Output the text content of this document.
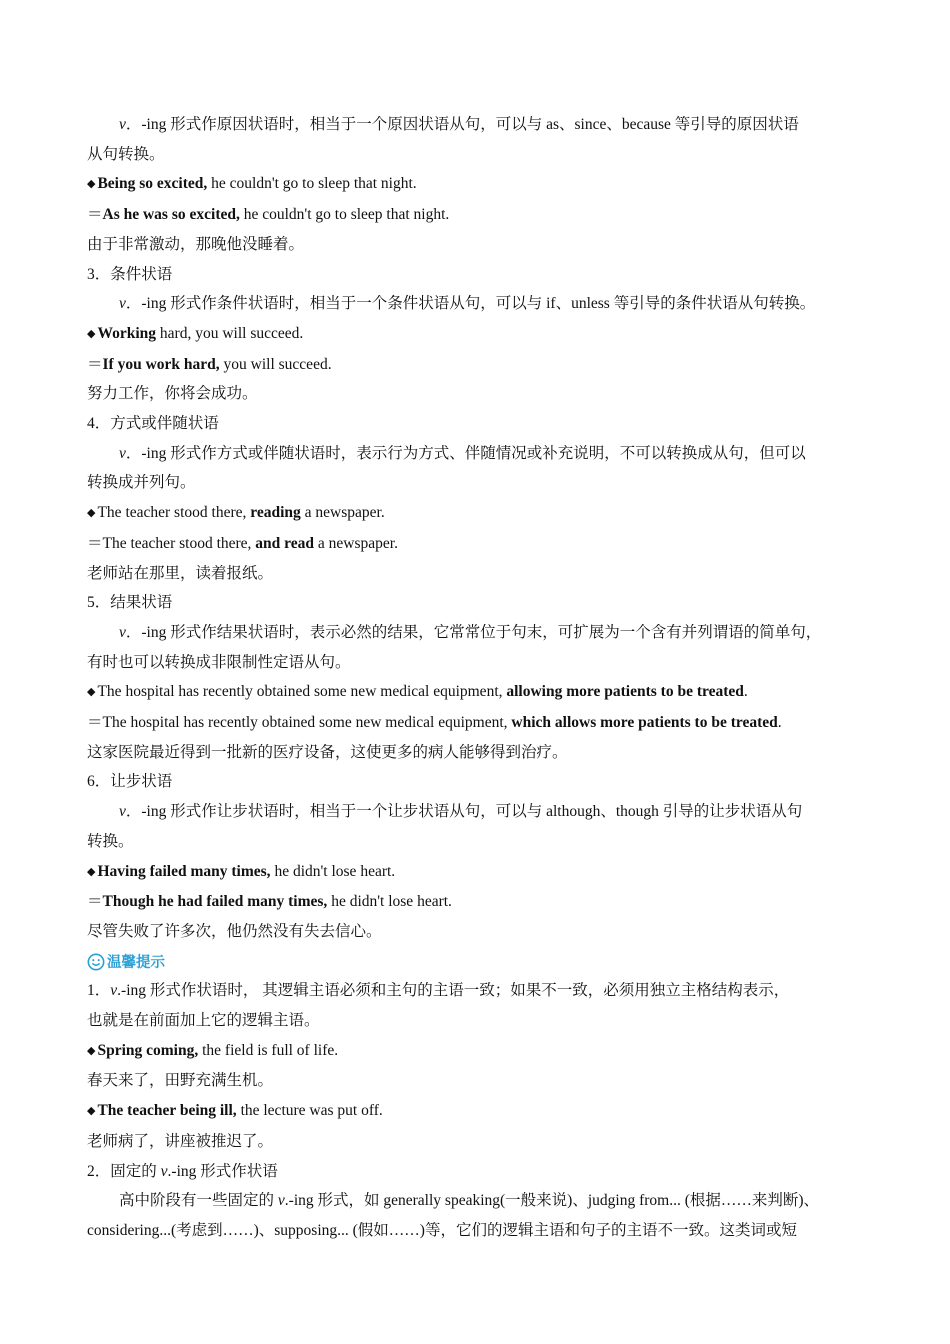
v．-ing 形式作原因状语时，相当于一个原因状语从句，可以与 as、since、because 等引导的原因状语
从句转换。
◆ Being so excited, he couldn't go to sleep that night.
＝As he was so excited, he couldn't go to sleep that night.
由于非常激动，那晚他没睡着。
3．条件状语
v．-ing 形式作条件状语时，相当于一个条件状语从句，可以与 if、unless 等引导的条件状语从句转换。
◆ Working hard, you will succeed.
＝If you work hard, you will succeed.
努力工作，你将会成功。
4．方式或伴随状语
v．-ing 形式作方式或伴随状语时，表示行为方式、伴随情况或补充说明，不可以转换成从句，但可以
转换成并列句。
◆ The teacher stood there, reading a newspaper.
＝The teacher stood there, and read a newspaper.
老师站在那里，读着报纸。
5．结果状语
v．-ing 形式作结果状语时，表示必然的结果，它常常位于句末，可扩展为一个含有并列谓语的简单句，
有时也可以转换成非限制性定语从句。
◆ The hospital has recently obtained some new medical equipment, allowing more patients to be treated.
＝The hospital has recently obtained some new medical equipment, which allows more patients to be treated.
这家医院最近得到一批新的医疗设备，这使更多的病人能够得到治疗。
6．让步状语
v．-ing 形式作让步状语时，相当于一个让步状语从句，可以与 although、though 引导的让步状语从句
转换。
◆ Having failed many times, he didn't lose heart.
＝Though he had failed many times, he didn't lose heart.
尽管失败了许多次，他仍然没有失去信心。
温馨提示
1．v.-ing 形式作状语时， 其逻辑主语必须和主句的主语一致；如果不一致，必须用独立主格结构表示，
也就是在前面加上它的逻辑主语。
◆ Spring coming, the field is full of life.
春天来了，田野充满生机。
◆ The teacher being ill, the lecture was put off.
老师病了，讲座被推迟了。
2．固定的 v.-ing 形式作状语
高中阶段有一些固定的 v.-ing 形式，如 generally speaking(一般来说)、judging from... (根据……来判断)、
considering...(考虑到……)、supposing... (假如……)等，它们的逻辑主语和句子的主语不一致。这类词或短
